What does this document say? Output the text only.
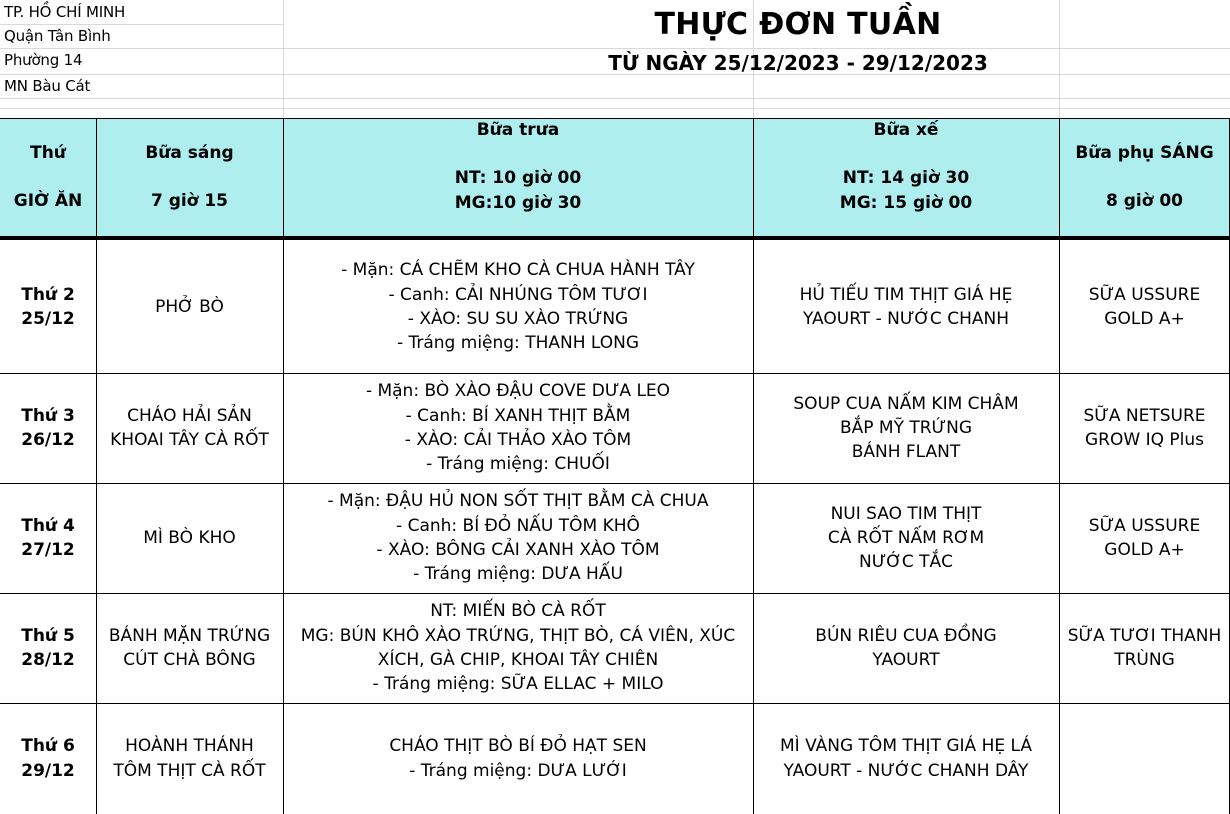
TP. HỒ CHÍ MINH
Quận Tân Bình
Phường 14
MN Bàu Cát
THỰC ĐƠN TUẦN
TỪ NGÀY 25/12/2023 - 29/12/2023
Thứ
GIỜ ĂN
Bữa sáng
7 giờ 15
Bữa trưa
NT: 10 giờ 00
MG:10 giờ 30
Bữa xế
NT: 14 giờ 30
MG: 15 giờ 00
Bữa phụ SÁNG
8 giờ 00
Thứ 2
25/12
PHỞ BÒ
- Mặn: CÁ CHẼM KHO CÀ CHUA HÀNH TÂY
- Canh: CẢI NHÚNG TÔM TƯƠI
- XÀO: SU SU XÀO TRỨNG
- Tráng miệng: THANH LONG
HỦ TIẾU TIM THỊT GIÁ HẸ
YAOURT - NƯỚC CHANH
SỮA USSURE
GOLD A+
Thứ 3
26/12
CHÁO HẢI SẢN
KHOAI TÂY CÀ RỐT
- Mặn: BÒ XÀO ĐẬU COVE DƯA LEO
- Canh: BÍ XANH THỊT BẰM
- XÀO: CẢI THẢO XÀO TÔM
- Tráng miệng: CHUỐI
SOUP CUA NẤM KIM CHÂM
BẮP MỸ TRỨNG
BÁNH FLANT
SỮA NETSURE
GROW IQ Plus
Thứ 4
27/12
MÌ BÒ KHO
- Mặn: ĐẬU HỦ NON SỐT THỊT BẰM CÀ CHUA
- Canh: BÍ ĐỎ NẤU TÔM KHÔ
- XÀO: BÔNG CẢI XANH XÀO TÔM
- Tráng miệng: DƯA HẤU
NUI SAO TIM THỊT
CÀ RỐT NẤM RƠM
NƯỚC TẮC
SỮA USSURE
GOLD A+
Thứ 5
28/12
BÁNH MẶN TRỨNG
CÚT CHÀ BÔNG
NT: MIẾN BÒ CÀ RỐT
MG: BÚN KHÔ XÀO TRỨNG, THỊT BÒ, CÁ VIÊN, XÚC
XÍCH, GÀ CHIP, KHOAI TÂY CHIÊN
- Tráng miệng: SỮA ELLAC + MILO
BÚN RIÊU CUA ĐỒNG
YAOURT
SỮA TƯƠI THANH
TRÙNG
Thứ 6
29/12
HOÀNH THÁNH
TÔM THỊT CÀ RỐT
CHÁO THỊT BÒ BÍ ĐỎ HẠT SEN
- Tráng miệng: DƯA LƯỚI
MÌ VÀNG TÔM THỊT GIÁ HẸ LÁ
YAOURT - NƯỚC CHANH DÂY
